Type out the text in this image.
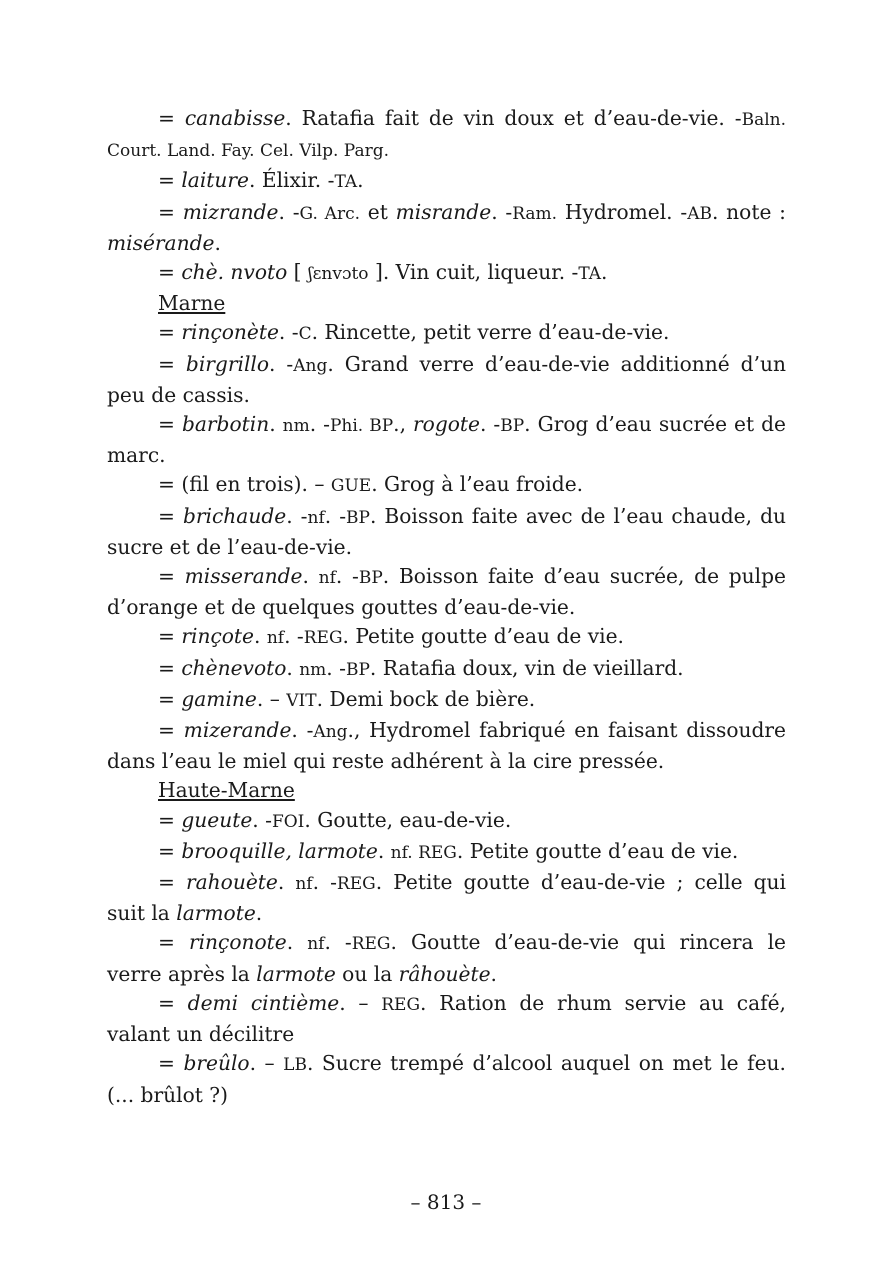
= canabisse. Ratafia fait de vin doux et d’eau-de-vie. -Baln. Court. Land. Fay. Cel. Vilp. Parg.

= laiture. Élixir. -TA.

= mizrande. -G. Arc. et misrande. -Ram. Hydromel. -AB. note : misérande.

= chè. nvoto [ ʃɛnvɔto ]. Vin cuit, liqueur. -TA.

Marne

= rinçonète. -C. Rincette, petit verre d’eau-de-vie.

= birgrillo. -Ang. Grand verre d’eau-de-vie additionné d’un peu de cassis.

= barbotin. nm. -Phi. BP., rogote. -BP. Grog d’eau sucrée et de marc.

= (fil en trois). – GUE. Grog à l’eau froide.

= brichaude. -nf. -BP. Boisson faite avec de l’eau chaude, du sucre et de l’eau-de-vie.

= misserande. nf. -BP. Boisson faite d’eau sucrée, de pulpe d’orange et de quelques gouttes d’eau-de-vie.

= rinçote. nf. -REG. Petite goutte d’eau de vie.

= chènevoto. nm. -BP. Ratafia doux, vin de vieillard.

= gamine. – VIT. Demi bock de bière.

= mizerande. -Ang., Hydromel fabriqué en faisant dissoudre dans l’eau le miel qui reste adhérent à la cire pressée.

Haute-Marne

= gueute. -FOI. Goutte, eau-de-vie.

= brooquille, larmote. nf. REG. Petite goutte d’eau de vie.

= rahouète. nf. -REG. Petite goutte d’eau-de-vie ; celle qui suit la larmote.

= rinçonote. nf. -REG. Goutte d’eau-de-vie qui rincera le verre après la larmote ou la râhouète.

= demi cintième. – REG. Ration de rhum servie au café, valant un décilitre

= breûlo. – LB. Sucre trempé d’alcool auquel on met le feu. (... brûlot ?)

– 813 –
